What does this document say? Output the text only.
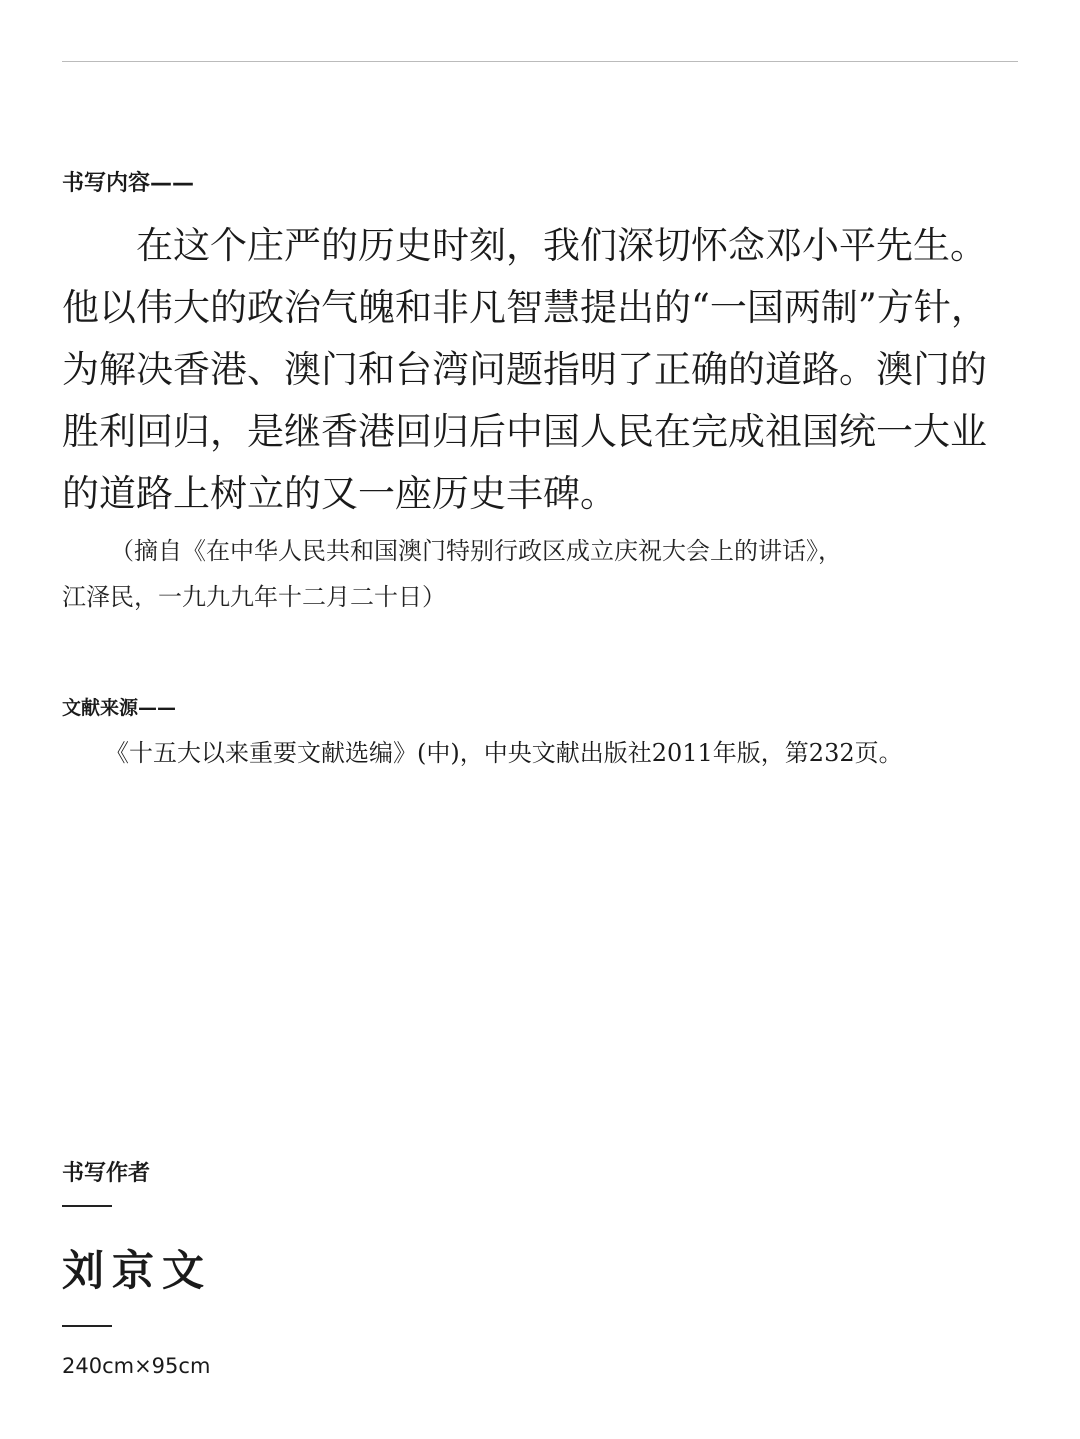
书写内容——
在这个庄严的历史时刻，我们深切怀念邓小平先生。
他以伟大的政治气魄和非凡智慧提出的“一国两制”方针，
为解决香港、澳门和台湾问题指明了正确的道路。澳门的
胜利回归，是继香港回归后中国人民在完成祖国统一大业
的道路上树立的又一座历史丰碑。
（摘自《在中华人民共和国澳门特别行政区成立庆祝大会上的讲话》，
江泽民，一九九九年十二月二十日）
文献来源——
《十五大以来重要文献选编》(中)，中央文献出版社2011年版，第232页。
书写作者
刘京文
240cm×95cm
